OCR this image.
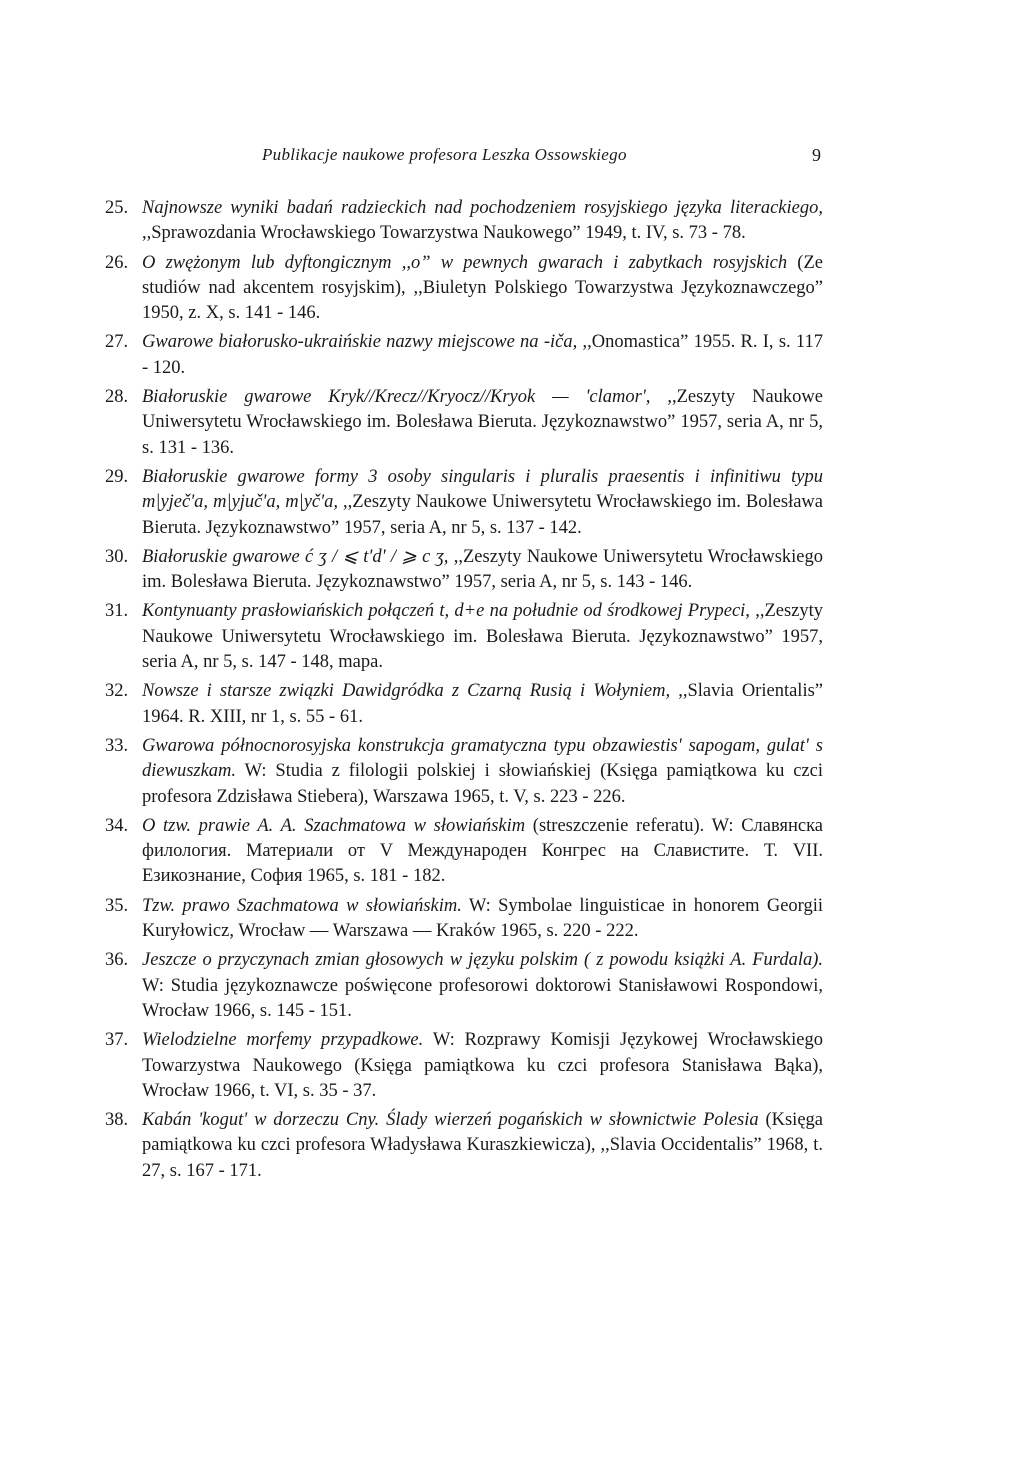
Publikacje naukowe profesora Leszka Ossowskiego	9
25. Najnowsze wyniki badań radzieckich nad pochodzeniem rosyjskiego języka literackiego, ,,Sprawozdania Wrocławskiego Towarzystwa Naukowego” 1949, t. IV, s. 73 - 78.
26. O zwężonym lub dyftongicznym ,,o” w pewnych gwarach i zabytkach rosyjskich (Ze studiów nad akcentem rosyjskim), ,,Biuletyn Polskiego Towarzystwa Językoznawczego” 1950, z. X, s. 141 - 146.
27. Gwarowe białorusko-ukraińskie nazwy miejscowe na -iča, ,,Onomastica” 1955. R. I, s. 117 - 120.
28. Białoruskie gwarowe Kryk//Krecz//Kryocz//Kryok — 'clamor', ,,Zeszyty Naukowe Uniwersytetu Wrocławskiego im. Bolesława Bieruta. Językoznawstwo” 1957, seria A, nr 5, s. 131 - 136.
29. Białoruskie gwarowe formy 3 osoby singularis i pluralis praesentis i infinitiwu typu m|yječ'a, m|yjuč'a, m|yč'a, ,,Zeszyty Naukowe Uniwersytetu Wrocławskiego im. Bolesława Bieruta. Językoznawstwo” 1957, seria A, nr 5, s. 137 - 142.
30. Białoruskie gwarowe ć ʒ / ⩽ t'd' / ⩾ c ʒ, ,,Zeszyty Naukowe Uniwersytetu Wrocławskiego im. Bolesława Bieruta. Językoznawstwo” 1957, seria A, nr 5, s. 143 - 146.
31. Kontynuanty prasłowiańskich połączeń t, d+e na południe od środkowej Prypeci, ,,Zeszyty Naukowe Uniwersytetu Wrocławskiego im. Bolesława Bieruta. Językoznawstwo” 1957, seria A, nr 5, s. 147 - 148, mapa.
32. Nowsze i starsze związki Dawidgródka z Czarną Rusią i Wołyniem, ,,Slavia Orientalis” 1964. R. XIII, nr 1, s. 55 - 61.
33. Gwarowa północnorosyjska konstrukcja gramatyczna typu obzawiestis' sapogam, gulat' s diewuszkam. W: Studia z filologii polskiej i słowiańskiej (Księga pamiątkowa ku czci profesora Zdzisława Stiebera), Warszawa 1965, t. V, s. 223 - 226.
34. O tzw. prawie A. A. Szachmatowa w słowiańskim (streszczenie referatu). W: Славянска филология. Материали от V Международен Конгрес на Славистите. Т. VII. Езикознание, София 1965, s. 181 - 182.
35. Tzw. prawo Szachmatowa w słowiańskim. W: Symbolae linguisticae in honorem Georgii Kuryłowicz, Wrocław — Warszawa — Kraków 1965, s. 220 - 222.
36. Jeszcze o przyczynach zmian głosowych w języku polskim ( z powodu książki A. Furdala). W: Studia językoznawcze poświęcone profesorowi doktorowi Stanisławowi Rospondowi, Wrocław 1966, s. 145 - 151.
37. Wielodzielne morfemy przypadkowe. W: Rozprawy Komisji Językowej Wrocławskiego Towarzystwa Naukowego (Księga pamiątkowa ku czci profesora Stanisława Bąka), Wrocław 1966, t. VI, s. 35 - 37.
38. Kabán 'kogut' w dorzeczu Cny. Ślady wierzeń pogańskich w słownictwie Polesia (Księga pamiątkowa ku czci profesora Władysława Kuraszkiewicza), ,,Slavia Occidentalis” 1968, t. 27, s. 167 - 171.
